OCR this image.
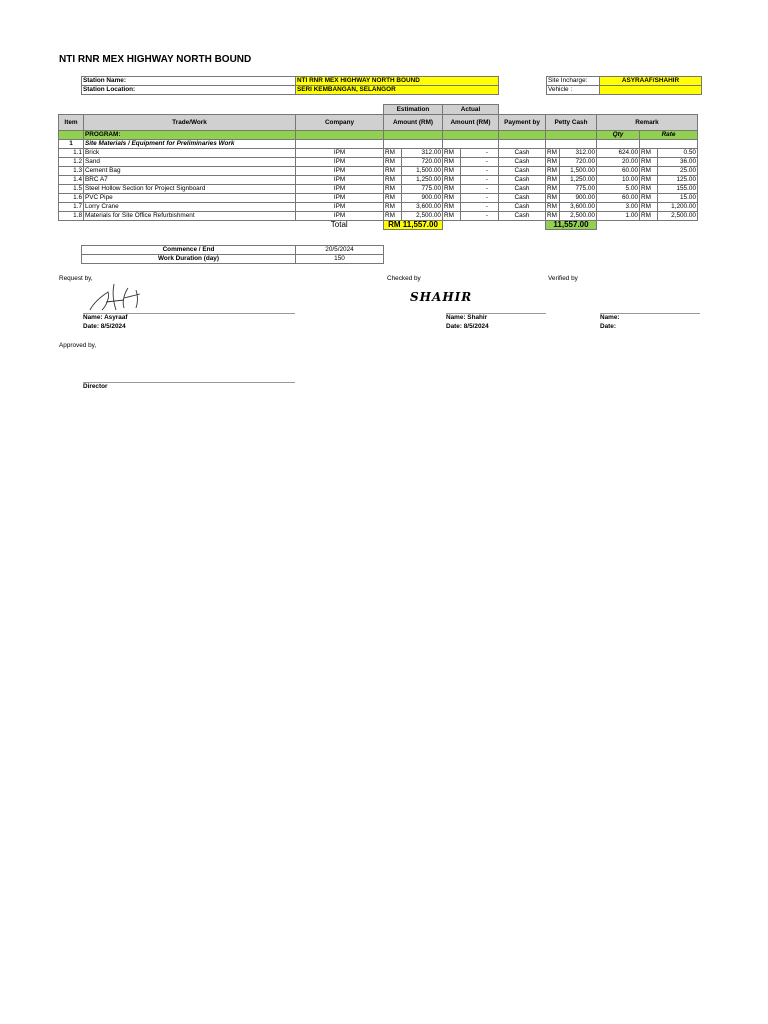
NTI RNR MEX HIGHWAY NORTH BOUND
Station Name:	NTI RNR MEX HIGHWAY NORTH BOUND
Station Location:	SERI KEMBANGAN, SELANGOR
Site Incharge:	ASYRAAF/SHAHIR
Vehicle :	
			Estimation		Actual							
Item	Trade/Work	Company	Amount (RM)		Amount (RM)		Payment by	Petty Cash		Remark		
	PROGRAM:									Qty	Rate	
1	Site Materials / Equipment for Preliminaries Work											
1.1	Brick	IPM	RM	312.00	RM	-	Cash	RM	312.00	624.00	RM	0.50
1.2	Sand	IPM	RM	720.00	RM	-	Cash	RM	720.00	20.00	RM	36.00
1.3	Cement Bag	IPM	RM	1,500.00	RM	-	Cash	RM	1,500.00	60.00	RM	25.00
1.4	BRC A7	IPM	RM	1,250.00	RM	-	Cash	RM	1,250.00	10.00	RM	125.00
1.5	Steel Hollow Section for Project Signboard	IPM	RM	775.00	RM	-	Cash	RM	775.00	5.00	RM	155.00
1.6	PVC Pipe	IPM	RM	900.00	RM	-	Cash	RM	900.00	60.00	RM	15.00
1.7	Lorry Crane	IPM	RM	3,600.00	RM	-	Cash	RM	3,600.00	3.00	RM	1,200.00
1.8	Materials for Site Office Refurbishment	IPM	RM	2,500.00	RM	-	Cash	RM	2,500.00	1.00	RM	2,500.00
		Total	RM 11,557.00					11,557.00				
Commence / End	20/5/2024
Work Duration (day)	150
Request by,	Checked by	Verified by
SHAHIR
Name: Asyraaf
Date: 8/5/2024
Name: Shahir
Date: 8/5/2024
Name:
Date:
Approved by,
Director
